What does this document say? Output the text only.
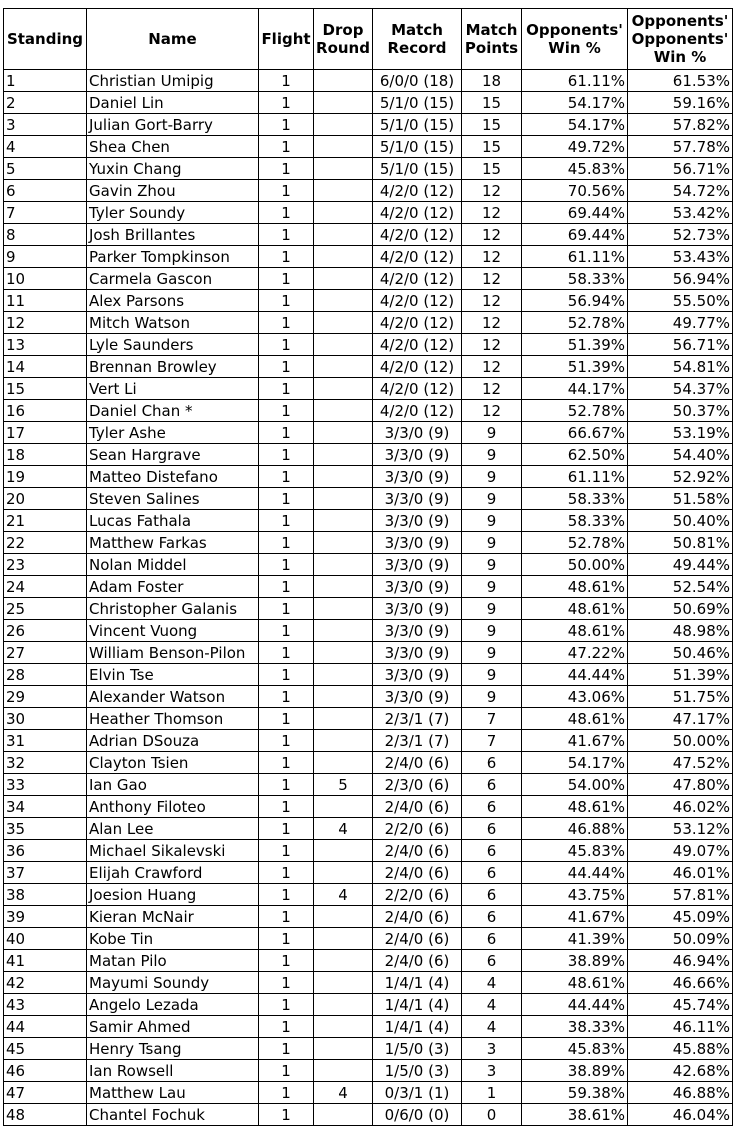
Standing	Name	Flight	Drop Round	Match Record	Match Points	Opponents' Win %	Opponents' Opponents' Win %
1	Christian Umipig	1		6/0/0 (18)	18	61.11%	61.53%
2	Daniel Lin	1		5/1/0 (15)	15	54.17%	59.16%
3	Julian Gort-Barry	1		5/1/0 (15)	15	54.17%	57.82%
4	Shea Chen	1		5/1/0 (15)	15	49.72%	57.78%
5	Yuxin Chang	1		5/1/0 (15)	15	45.83%	56.71%
6	Gavin Zhou	1		4/2/0 (12)	12	70.56%	54.72%
7	Tyler Soundy	1		4/2/0 (12)	12	69.44%	53.42%
8	Josh Brillantes	1		4/2/0 (12)	12	69.44%	52.73%
9	Parker Tompkinson	1		4/2/0 (12)	12	61.11%	53.43%
10	Carmela Gascon	1		4/2/0 (12)	12	58.33%	56.94%
11	Alex Parsons	1		4/2/0 (12)	12	56.94%	55.50%
12	Mitch Watson	1		4/2/0 (12)	12	52.78%	49.77%
13	Lyle Saunders	1		4/2/0 (12)	12	51.39%	56.71%
14	Brennan Browley	1		4/2/0 (12)	12	51.39%	54.81%
15	Vert Li	1		4/2/0 (12)	12	44.17%	54.37%
16	Daniel Chan *	1		4/2/0 (12)	12	52.78%	50.37%
17	Tyler Ashe	1		3/3/0 (9)	9	66.67%	53.19%
18	Sean Hargrave	1		3/3/0 (9)	9	62.50%	54.40%
19	Matteo Distefano	1		3/3/0 (9)	9	61.11%	52.92%
20	Steven Salines	1		3/3/0 (9)	9	58.33%	51.58%
21	Lucas Fathala	1		3/3/0 (9)	9	58.33%	50.40%
22	Matthew Farkas	1		3/3/0 (9)	9	52.78%	50.81%
23	Nolan Middel	1		3/3/0 (9)	9	50.00%	49.44%
24	Adam Foster	1		3/3/0 (9)	9	48.61%	52.54%
25	Christopher Galanis	1		3/3/0 (9)	9	48.61%	50.69%
26	Vincent Vuong	1		3/3/0 (9)	9	48.61%	48.98%
27	William Benson-Pilon	1		3/3/0 (9)	9	47.22%	50.46%
28	Elvin Tse	1		3/3/0 (9)	9	44.44%	51.39%
29	Alexander Watson	1		3/3/0 (9)	9	43.06%	51.75%
30	Heather Thomson	1		2/3/1 (7)	7	48.61%	47.17%
31	Adrian DSouza	1		2/3/1 (7)	7	41.67%	50.00%
32	Clayton Tsien	1		2/4/0 (6)	6	54.17%	47.52%
33	Ian Gao	1	5	2/3/0 (6)	6	54.00%	47.80%
34	Anthony Filoteo	1		2/4/0 (6)	6	48.61%	46.02%
35	Alan Lee	1	4	2/2/0 (6)	6	46.88%	53.12%
36	Michael Sikalevski	1		2/4/0 (6)	6	45.83%	49.07%
37	Elijah Crawford	1		2/4/0 (6)	6	44.44%	46.01%
38	Joesion Huang	1	4	2/2/0 (6)	6	43.75%	57.81%
39	Kieran McNair	1		2/4/0 (6)	6	41.67%	45.09%
40	Kobe Tin	1		2/4/0 (6)	6	41.39%	50.09%
41	Matan Pilo	1		2/4/0 (6)	6	38.89%	46.94%
42	Mayumi Soundy	1		1/4/1 (4)	4	48.61%	46.66%
43	Angelo Lezada	1		1/4/1 (4)	4	44.44%	45.74%
44	Samir Ahmed	1		1/4/1 (4)	4	38.33%	46.11%
45	Henry Tsang	1		1/5/0 (3)	3	45.83%	45.88%
46	Ian Rowsell	1		1/5/0 (3)	3	38.89%	42.68%
47	Matthew Lau	1	4	0/3/1 (1)	1	59.38%	46.88%
48	Chantel Fochuk	1		0/6/0 (0)	0	38.61%	46.04%
